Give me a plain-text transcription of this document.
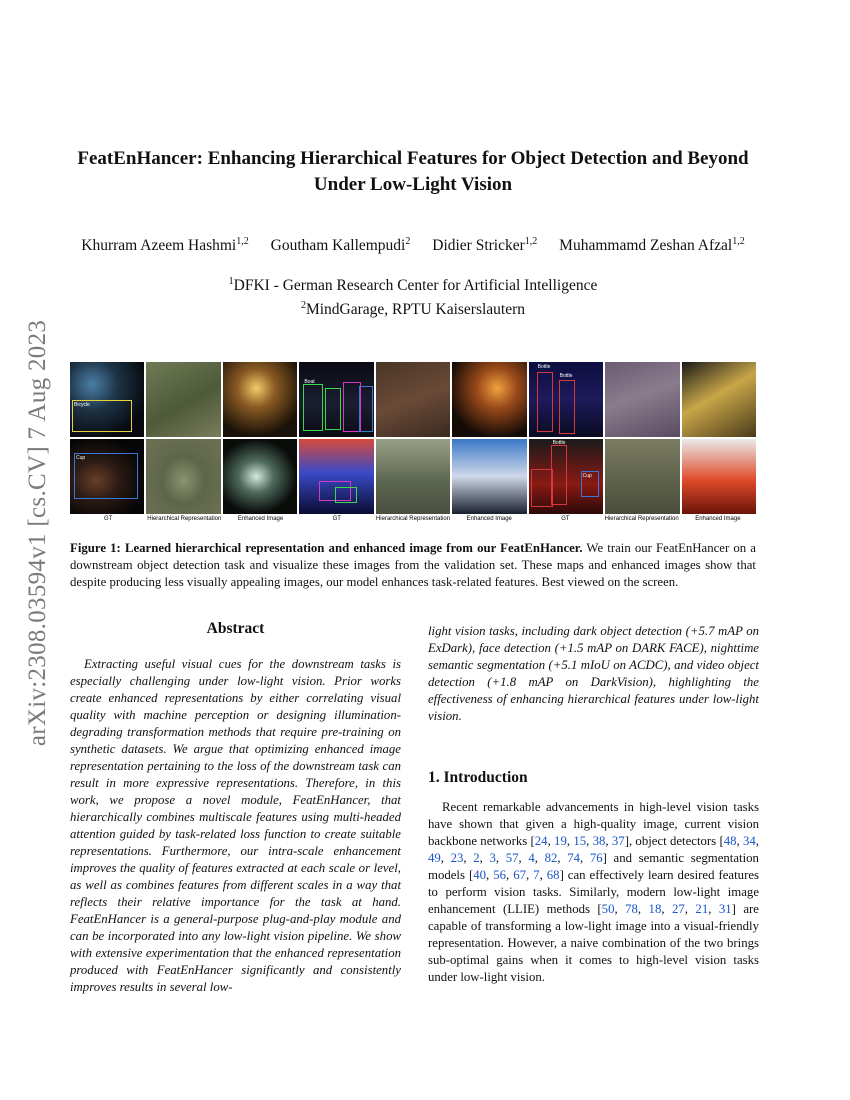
arXiv:2308.03594v1 [cs.CV] 7 Aug 2023
FeatEnHancer: Enhancing Hierarchical Features for Object Detection and Beyond Under Low-Light Vision
Khurram Azeem Hashmi$^{1,2}$ Goutham Kallempudi$^2$ Didier Stricker$^{1,2}$ Muhammamd Zeshan Afzal$^{1,2}$
$^1$DFKI - German Research Center for Artificial Intelligence
$^2$MindGarage, RPTU Kaiserslautern
Bicycle
Boat
Bottle
Bottle
Cup
Bottle
Cup
GT	Hierarchical Representation	Enhanced Image	GT	Hierarchical Representation	Enhanced Image	GT	Hierarchical Representation	Enhanced Image

Figure 1: Learned hierarchical representation and enhanced image from our FeatEnHancer. We train our FeatEnHancer on a downstream object detection task and visualize these images from the validation set. These maps and enhanced images show that despite producing less visually appealing images, our model enhances task-related features. Best viewed on the screen.

Abstract

Extracting useful visual cues for the downstream tasks is especially challenging under low-light vision. Prior works create enhanced representations by either correlating visual quality with machine perception or designing illumination-degrading transformation methods that require pre-training on synthetic datasets. We argue that optimizing enhanced image representation pertaining to the loss of the downstream task can result in more expressive representations. Therefore, in this work, we propose a novel module, FeatEnHancer, that hierarchically combines multiscale features using multi-headed attention guided by task-related loss function to create suitable representations. Furthermore, our intra-scale enhancement improves the quality of features extracted at each scale or level, as well as combines features from different scales in a way that reflects their relative importance for the task at hand. FeatEnHancer is a general-purpose plug-and-play module and can be incorporated into any low-light vision pipeline. We show with extensive experimentation that the enhanced representation produced with FeatEnHancer significantly and consistently improves results in several low-

light vision tasks, including dark object detection (+5.7 mAP on ExDark), face detection (+1.5 mAP on DARK FACE), nighttime semantic segmentation (+5.1 mIoU on ACDC), and video object detection (+1.8 mAP on DarkVision), highlighting the effectiveness of enhancing hierarchical features under low-light vision.

1. Introduction

Recent remarkable advancements in high-level vision tasks have shown that given a high-quality image, current vision backbone networks [24, 19, 15, 38, 37], object detectors [48, 34, 49, 23, 2, 3, 57, 4, 82, 74, 76] and semantic segmentation models [40, 56, 67, 7, 68] can effectively learn desired features to perform vision tasks. Similarly, modern low-light image enhancement (LLIE) methods [50, 78, 18, 27, 21, 31] are capable of transforming a low-light image into a visual-friendly representation. However, a naive combination of the two brings sub-optimal gains when it comes to high-level vision tasks under low-light vision.
